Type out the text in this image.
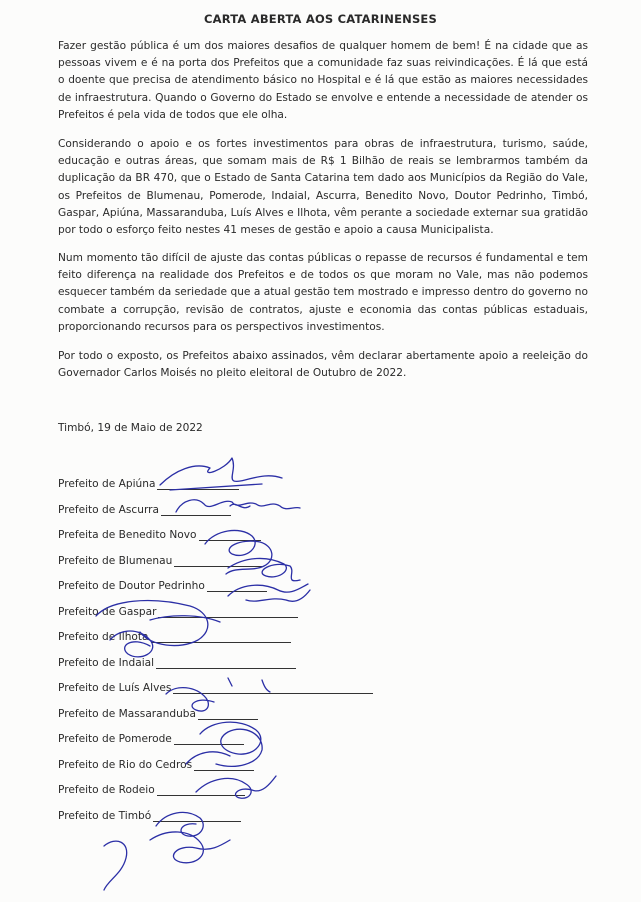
CARTA ABERTA AOS CATARINENSES
Fazer gestão pública é um dos maiores desafios de qualquer homem de bem! É na cidade que as pessoas vivem e é na porta dos Prefeitos que a comunidade faz suas reivindicações. É lá que está o doente que precisa de atendimento básico no Hospital e é lá que estão as maiores necessidades de infraestrutura. Quando o Governo do Estado se envolve e entende a necessidade de atender os Prefeitos é pela vida de todos que ele olha.
Considerando o apoio e os fortes investimentos para obras de infraestrutura, turismo, saúde, educação e outras áreas, que somam mais de R$ 1 Bilhão de reais se lembrarmos também da duplicação da BR 470, que o Estado de Santa Catarina tem dado aos Municípios da Região do Vale, os Prefeitos de Blumenau, Pomerode, Indaial, Ascurra, Benedito Novo, Doutor Pedrinho, Timbó, Gaspar, Apiúna, Massaranduba, Luís Alves e Ilhota, vêm perante a sociedade externar sua gratidão por todo o esforço feito nestes 41 meses de gestão e apoio a causa Municipalista.
Num momento tão difícil de ajuste das contas públicas o repasse de recursos é fundamental e tem feito diferença na realidade dos Prefeitos e de todos os que moram no Vale, mas não podemos esquecer também da seriedade que a atual gestão tem mostrado e impresso dentro do governo no combate a corrupção, revisão de contratos, ajuste e economia das contas públicas estaduais, proporcionando recursos para os perspectivos investimentos.
Por todo o exposto, os Prefeitos abaixo assinados, vêm declarar abertamente apoio a reeleição do Governador Carlos Moisés no pleito eleitoral de Outubro de 2022.
Timbó, 19 de Maio de 2022
Prefeito de Apiúna
Prefeito de Ascurra
Prefeita de Benedito Novo
Prefeito de Blumenau
Prefeito de Doutor Pedrinho
Prefeito de Gaspar
Prefeito de Ilhota
Prefeito de Indaial
Prefeito de Luís Alves
Prefeito de Massaranduba
Prefeito de Pomerode
Prefeito de Rio do Cedros
Prefeito de Rodeio
Prefeito de Timbó
